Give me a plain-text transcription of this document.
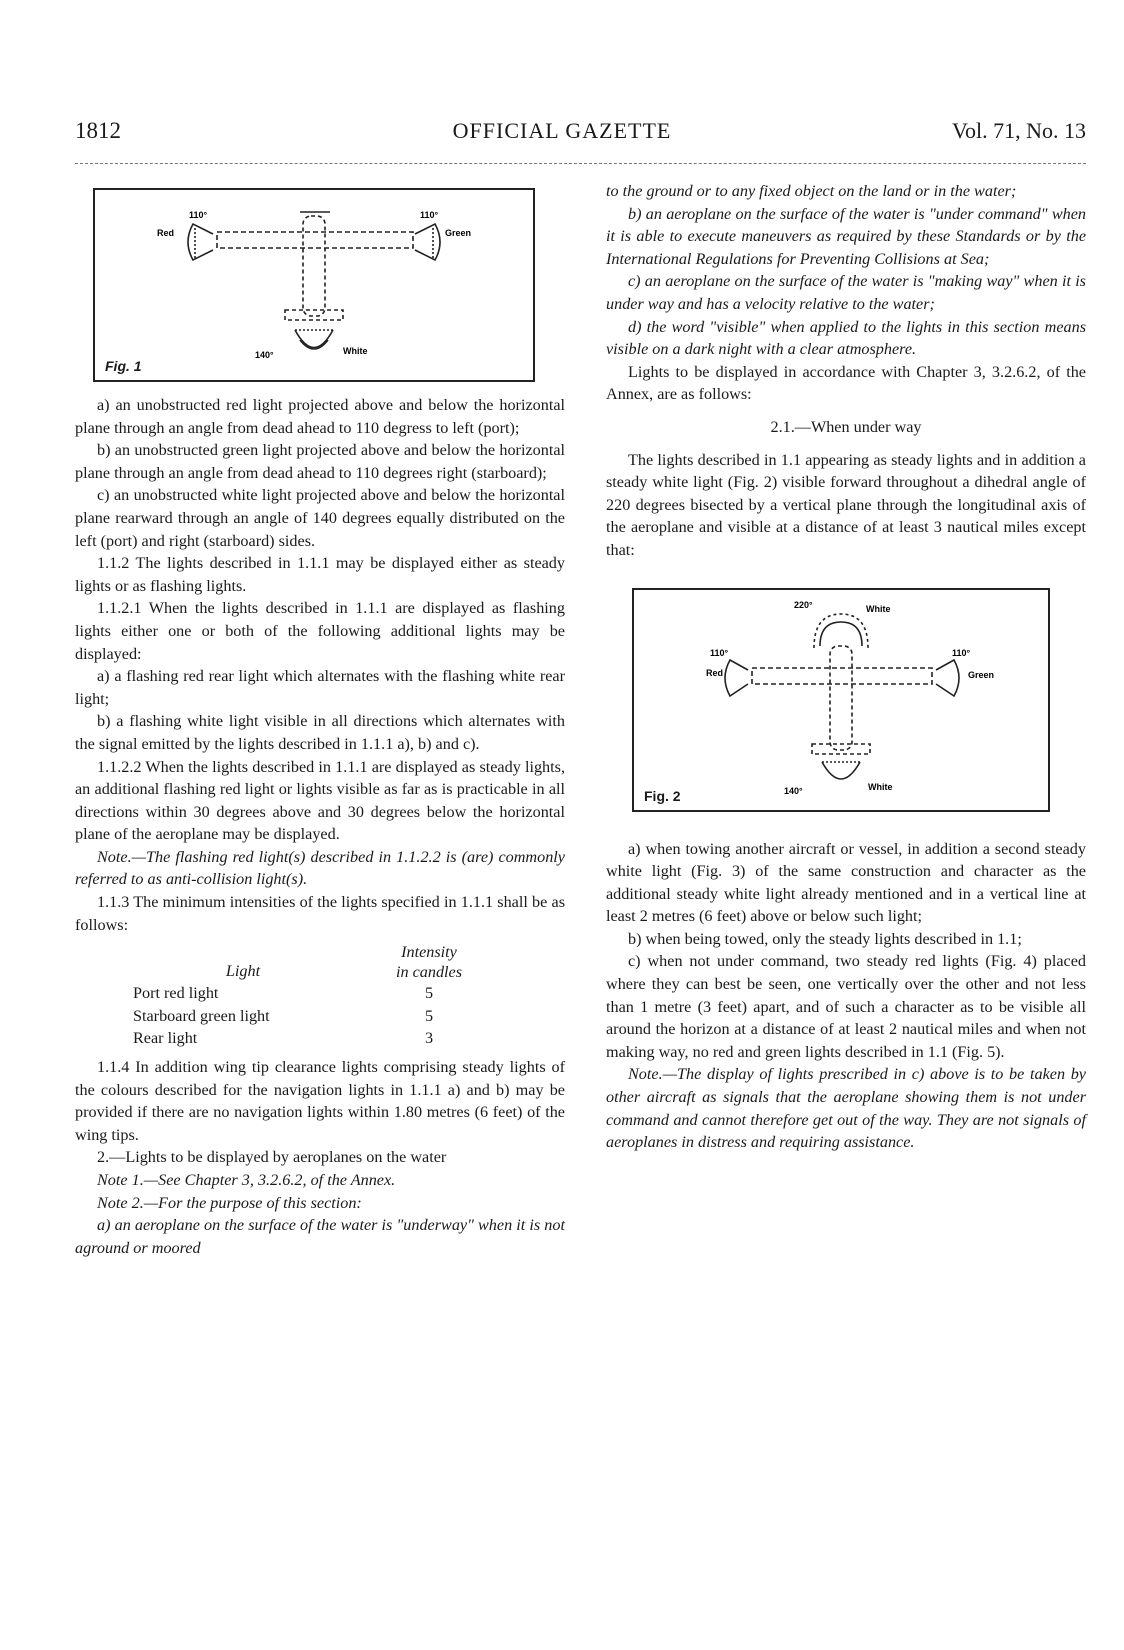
1812	OFFICIAL GAZETTE	Vol. 71, No. 13
110°
Red
110°
Green
140°	White
Fig. 1

a) an unobstructed red light projected above and below the horizontal plane through an angle from dead ahead to 110 degress to left (port);

b) an unobstructed green light projected above and below the horizontal plane through an angle from dead ahead to 110 degrees right (starboard);

c) an unobstructed white light projected above and below the horizontal plane rearward through an angle of 140 degrees equally distributed on the left (port) and right (starboard) sides.

1.1.2 The lights described in 1.1.1 may be displayed either as steady lights or as flashing lights.

1.1.2.1 When the lights described in 1.1.1 are displayed as flashing lights either one or both of the following additional lights may be displayed:

a) a flashing red rear light which alternates with the flashing white rear light;

b) a flashing white light visible in all directions which alternates with the signal emitted by the lights described in 1.1.1 a), b) and c).

1.1.2.2 When the lights described in 1.1.1 are displayed as steady lights, an additional flashing red light or lights visible as far as is practicable in all directions within 30 degrees above and 30 degrees below the horizontal plane of the aeroplane may be displayed.

Note.—The flashing red light(s) described in 1.1.2.2 is (are) commonly referred to as anti-collision light(s).

1.1.3 The minimum intensities of the lights specified in 1.1.1 shall be as follows:

Light	Intensity
in candles

Port red light	5
Starboard green light	5
Rear light	3

1.1.4 In addition wing tip clearance lights comprising steady lights of the colours described for the navigation lights in 1.1.1 a) and b) may be provided if there are no navigation lights within 1.80 metres (6 feet) of the wing tips.

2.—Lights to be displayed by aeroplanes on the water

Note 1.—See Chapter 3, 3.2.6.2, of the Annex.

Note 2.—For the purpose of this section:

a) an aeroplane on the surface of the water is "underway" when it is not aground or moored

to the ground or to any fixed object on the land or in the water;

b) an aeroplane on the surface of the water is "under command" when it is able to execute maneuvers as required by these Standards or by the International Regulations for Preventing Collisions at Sea;

c) an aeroplane on the surface of the water is "making way" when it is under way and has a velocity relative to the water;

d) the word "visible" when applied to the lights in this section means visible on a dark night with a clear atmosphere.

Lights to be displayed in accordance with Chapter 3, 3.2.6.2, of the Annex, are as follows:

2.1.—When under way

The lights described in 1.1 appearing as steady lights and in addition a steady white light (Fig. 2) visible forward throughout a dihedral angle of 220 degrees bisected by a vertical plane through the longitudinal axis of the aeroplane and visible at a distance of at least 3 nautical miles except that:

220°	White
110°
Red
110°
Green
140°	White
Fig. 2

a) when towing another aircraft or vessel, in addition a second steady white light (Fig. 3) of the same construction and character as the additional steady white light already mentioned and in a vertical line at least 2 metres (6 feet) above or below such light;

b) when being towed, only the steady lights described in 1.1;

c) when not under command, two steady red lights (Fig. 4) placed where they can best be seen, one vertically over the other and not less than 1 metre (3 feet) apart, and of such a character as to be visible all around the horizon at a distance of at least 2 nautical miles and when not making way, no red and green lights described in 1.1 (Fig. 5).

Note.—The display of lights prescribed in c) above is to be taken by other aircraft as signals that the aeroplane showing them is not under command and cannot therefore get out of the way. They are not signals of aeroplanes in distress and requiring assistance.
